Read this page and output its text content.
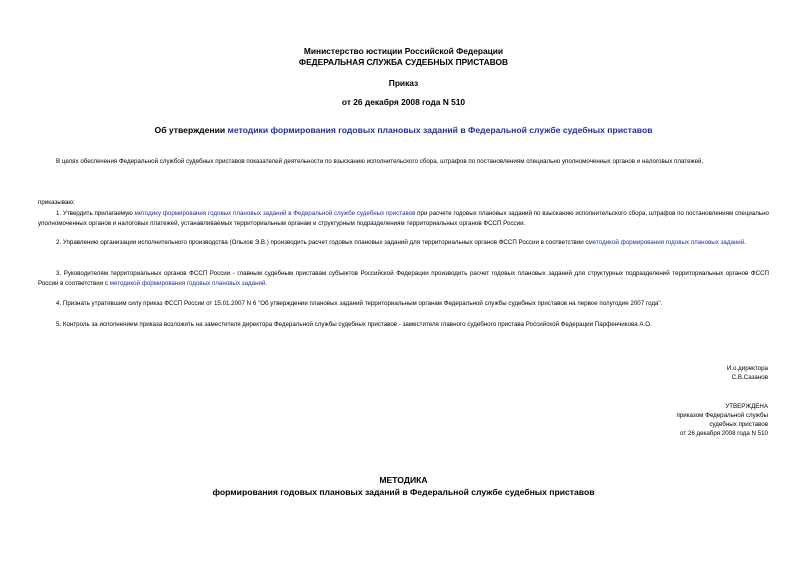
Министерство юстиции Российской Федерации
ФЕДЕРАЛЬНАЯ СЛУЖБА СУДЕБНЫХ ПРИСТАВОВ
Приказ
от 26 декабря 2008 года N 510
Об утверждении методики формирования годовых плановых заданий в Федеральной службе судебных приставов
В целях обеспечения Федеральной службой судебных приставов показателей деятельности по взысканию исполнительского сбора, штрафов по постановлениям специально уполномоченных органов и налоговых платежей,
приказываю:
1. Утвердить прилагаемую методику формирования годовых плановых заданий в Федеральной службе судебных приставов при расчете годовых плановых заданий по взысканию исполнительского сбора, штрафов по постановлениям специально уполномоченных органов и налоговых платежей, устанавливаемых территориальным органам и структурным подразделениям территориальных органов ФССП России.
2. Управлению организации исполнительного производства (Ольхов Э.В.) производить расчет годовых плановых заданий для территориальных органов ФССП России в соответствии сметодикой формирования годовых плановых заданий.
3. Руководителям территориальных органов ФССП России - главным судебным приставам субъектов Российской Федерации производить расчет годовых плановых заданий для структурных подразделений территориальных органов ФССП России в соответствии с методикой формирования годовых плановых заданий.
4. Признать утратившим силу приказ ФССП России от 15.01.2007 N 6 "Об утверждении плановых заданий территориальным органам Федеральной службы судебных приставов на первое полугодие 2007 года".
5. Контроль за исполнением приказа возложить на заместителя директора Федеральной службы судебных приставов - заместителя главного судебного пристава Российской Федерации Парфенчикова А.О.
И.о.директора
С.В.Сазанов
УТВЕРЖДЕНА
приказом Федеральной службы
судебных приставов
от 26 декабря 2008 года N 510
МЕТОДИКА
формирования годовых плановых заданий в Федеральной службе судебных приставов
